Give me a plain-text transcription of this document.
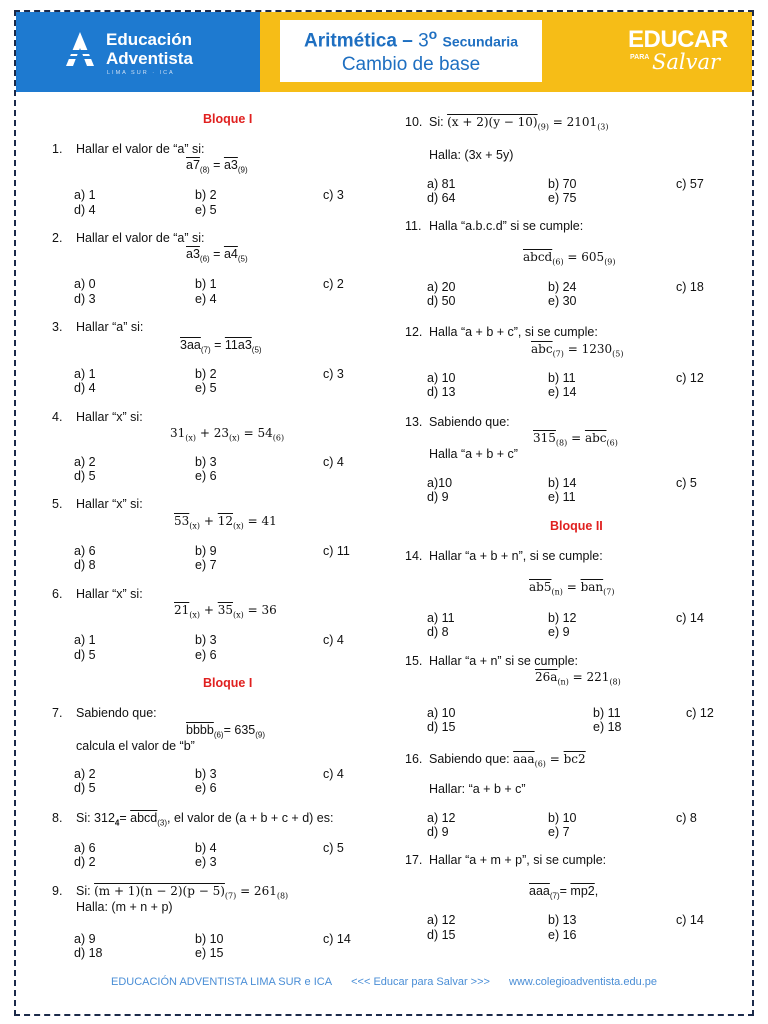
Educación
Adventista
LIMA SUR · ICA
Aritmética – 3$^o$ Secundaria
Cambio de base
EDUCAR
PARA Salvar
Bloque I
1. Hallar el valor de “a” si:
$a7_{(8)} = a3_{(9)}$
a) 1	b) 2	c) 3
d) 4	e) 5
2. Hallar el valor de “a” si:
$a3_{(6)} = a4_{(5)}$
a) 0	b) 1	c) 2
d) 3	e) 4
3. Hallar “a” si:
$3aa_{(7)} = 11a3_{(5)}$
a) 1	b) 2	c) 3
d) 4	e) 5
4. Hallar “x” si:
$31_{(x)} + 23_{(x)} = 54_{(6)}$
a) 2	b) 3	c) 4
d) 5	e) 6
5. Hallar “x” si:
$53_{(x)} + 12_{(x)} = 41$
a) 6	b) 9	c) 11
d) 8	e) 7
6. Hallar “x” si:
$21_{(x)} + 35_{(x)} = 36$
a) 1	b) 3	c) 4
d) 5	e) 6
Bloque I
7. Sabiendo que:
bbbb$_{(6)}$= $635_{(9)}$
calcula el valor de “b”
a) 2	b) 3	c) 4
d) 5	e) 6
8. Si: $312_4=$ abcd$_{(3)}$, el valor de (a + b + c + d) es:
a) 6	b) 4	c) 5
d) 2	e) 3
9. Si: $(m + 1)(n - 2)(p - 5)_{(7)} = 261_{(8)}$
Halla: (m + n + p)
a) 9	b) 10	c) 14
d) 18	e) 15
10. Si: $(x + 2)(y - 10)_{(9)} = 2101_{(3)}$
Halla: (3x + 5y)
a) 81	b) 70	c) 57
d) 64	e) 75
11. Halla “a.b.c.d” si se cumple:
abcd$_{(6)}$ = $605_{(9)}$
a) 20	b) 24	c) 18
d) 50	e) 30
12. Halla “a + b + c”, si se cumple:
$\overline{abc}_{(7)} = 1230_{(5)}$
a) 10	b) 11	c) 12
d) 13	e) 14
13. Sabiendo que:
$315_{(8)} = \overline{abc}_{(6)}$
Halla “a + b + c”
a)10	b) 14	c) 5
d) 9	e) 11
Bloque II
14. Hallar “a + b + n”, si se cumple:
$ab5_{(n)} = \overline{ban}_{(7)}$
a) 11	b) 12	c) 14
d) 8	e) 9
15. Hallar “a + n” si se cumple:
$26a_{(n)} = 221_{(8)}$
a) 10	b) 11	c) 12
d) 15	e) 18
16. Sabiendo que: $\overline{aaa}_{(6)} = bc2$
Hallar: “a + b + c”
a) 12	b) 10	c) 8
d) 9	e) 7
17. Hallar “a + m + p”, si se cumple:
$\overline{aaa}_{(7)}= mp2$,
a) 12	b) 13	c) 14
d) 15	e) 16
EDUCACIÓN ADVENTISTA LIMA SUR e ICA <<< Educar para Salvar >>> www.colegioadventista.edu.pe
